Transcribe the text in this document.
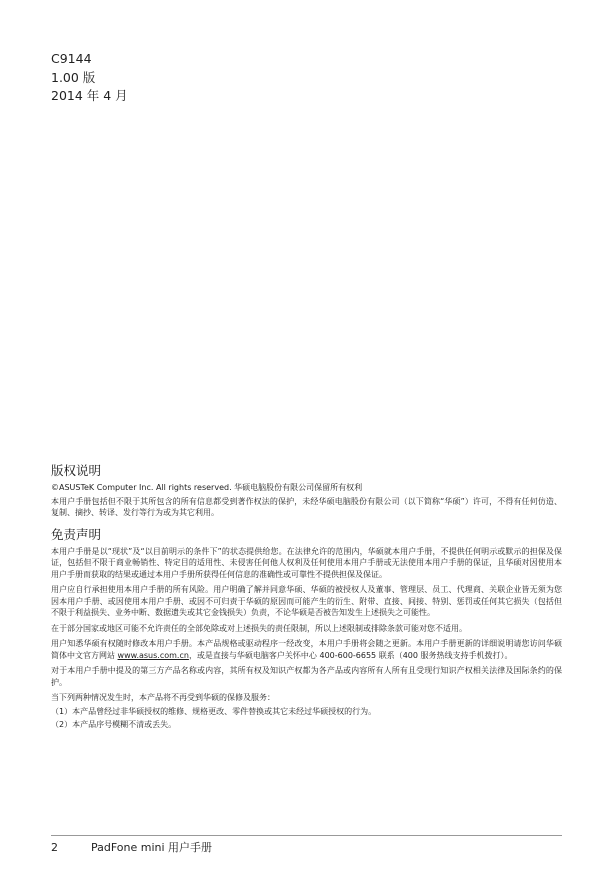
C9144
1.00 版
2014 年 4 月
版权说明

©ASUSTeK Computer Inc. All rights reserved. 华硕电脑股份有限公司保留所有权利

本用户手册包括但不限于其所包含的所有信息都受到著作权法的保护，未经华硕电脑股份有限公司（以下简称“华硕”）许可，不得有任何仿造、复制、摘抄、转译、发行等行为或为其它利用。

免责声明

本用户手册是以“现状”及“以目前明示的条件下”的状态提供给您。在法律允许的范围内，华硕就本用户手册，不提供任何明示或默示的担保及保证，包括但不限于商业畅销性、特定目的适用性、未侵害任何他人权利及任何使用本用户手册或无法使用本用户手册的保证，且华硕对因使用本用户手册而获取的结果或通过本用户手册所获得任何信息的准确性或可靠性不提供担保及保证。

用户应自行承担使用本用户手册的所有风险。用户明确了解并同意华硕、华硕的被授权人及董事、管理层、员工、代理商、关联企业皆无须为您因本用户手册、或因使用本用户手册、或因不可归责于华硕的原因而可能产生的衍生、附带、直接、间接、特别、惩罚或任何其它损失（包括但不限于利益损失、业务中断、数据遗失或其它金钱损失）负责，不论华硕是否被告知发生上述损失之可能性。

在于部分国家或地区可能不允许责任的全部免除或对上述损失的责任限制，所以上述限制或排除条款可能对您不适用。

用户知悉华硕有权随时修改本用户手册。本产品规格或驱动程序一经改变，本用户手册将会随之更新。本用户手册更新的详细说明请您访问华硕简体中文官方网站 www.asus.com.cn，或是直接与华硕电脑客户关怀中心 400-600-6655 联系（400 服务热线支持手机拨打）。

对于本用户手册中提及的第三方产品名称或内容，其所有权及知识产权都为各产品或内容所有人所有且受现行知识产权相关法律及国际条约的保护。

当下列两种情况发生时，本产品将不再受到华硕的保修及服务：

（1）本产品曾经过非华硕授权的维修、规格更改、零件替换或其它未经过华硕授权的行为。

（2）本产品序号模糊不清或丢失。

2	PadFone mini 用户手册
